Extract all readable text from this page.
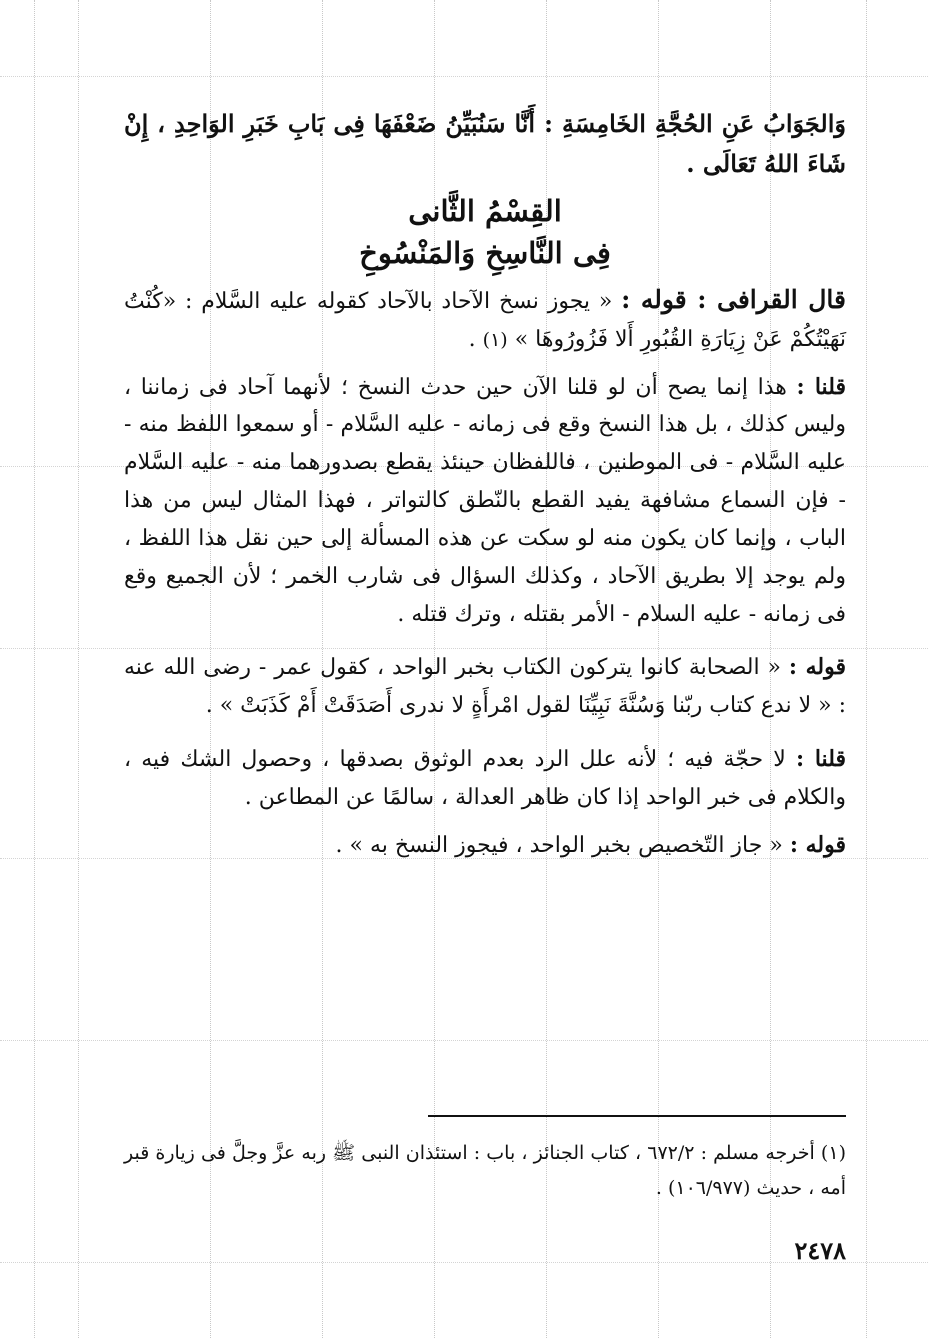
وَالجَوَابُ عَنِ الحُجَّةِ الخَامِسَةِ : أَنَّا سَنُبَيِّنُ ضَعْفَهَا فِى بَابِ خَبَرِ الوَاحِدِ ، إِنْ شَاءَ اللهُ تَعَالَى .

القِسْمُ الثَّانى

فِى النَّاسِخِ وَالمَنْسُوخِ

قال القرافى : قوله : « يجوز نسخ الآحاد بالآحاد كقوله عليه السَّلام : «كُنْتُ نَهَيْتُكُمْ عَنْ زِيَارَةِ القُبُورِ أَلا فَزُورُوهَا » (١) .

قلنا : هذا إنما يصح أن لو قلنا الآن حين حدث النسخ ؛ لأنهما آحاد فى زماننا ، وليس كذلك ، بل هذا النسخ وقع فى زمانه - عليه السَّلام - أو سمعوا اللفظ منه - عليه السَّلام - فى الموطنين ، فاللفظان حينئذ يقطع بصدورهما منه - عليه السَّلام - فإن السماع مشافهة يفيد القطع بالنّطق كالتواتر ، فهذا المثال ليس من هذا الباب ، وإنما كان يكون منه لو سكت عن هذه المسألة إلى حين نقل هذا اللفظ ، ولم يوجد إلا بطريق الآحاد ، وكذلك السؤال فى شارب الخمر ؛ لأن الجميع وقع فى زمانه - عليه السلام - الأمر بقتله ، وترك قتله .

قوله : « الصحابة كانوا يتركون الكتاب بخبر الواحد ، كقول عمر - رضى الله عنه : « لا ندع كتاب ربّنا وَسُنَّةَ نَبِيِّنَا لقول امْرأَةٍ لا ندرى أَصَدَقَتْ أَمْ كَذَبَتْ » .

قلنا : لا حجّة فيه ؛ لأنه علل الرد بعدم الوثوق بصدقها ، وحصول الشك فيه ، والكلام فى خبر الواحد إذا كان ظاهر العدالة ، سالمًا عن المطاعن .

قوله : « جاز التّخصيص بخبر الواحد ، فيجوز النسخ به » .

(١) أخرجه مسلم : ٦٧٢/٢ ، كتاب الجنائز ، باب : استئذان النبى ﷺ ربه عزَّ وجلَّ فى زيارة قبر أمه ، حديث (١٠٦/٩٧٧) .

٢٤٧٨
